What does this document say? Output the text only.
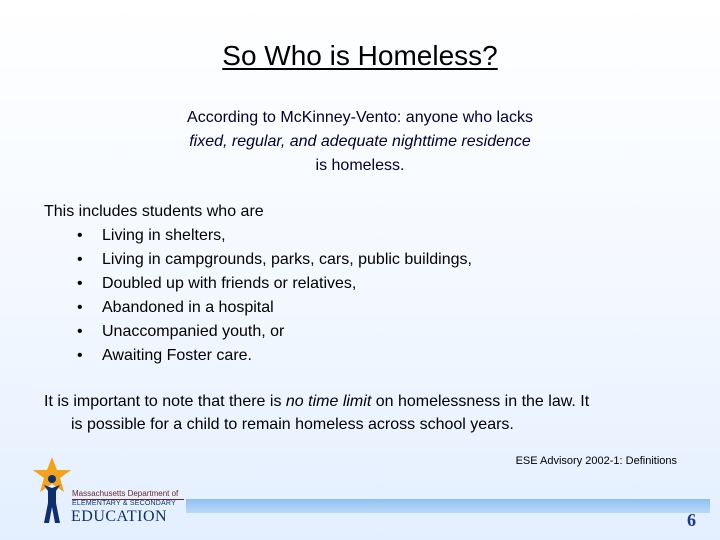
So Who is Homeless?
According to McKinney-Vento: anyone who lacks
fixed, regular, and adequate nighttime residence
is homeless.
This includes students who are
• Living in shelters,
• Living in campgrounds, parks, cars, public buildings,
• Doubled up with friends or relatives,
• Abandoned in a hospital
• Unaccompanied youth, or
• Awaiting Foster care.
It is important to note that there is no time limit on homelessness in the law. It
is possible for a child to remain homeless across school years.
ESE Advisory 2002-1: Definitions
6
Massachusetts Department of
ELEMENTARY & SECONDARY
EDUCATION
